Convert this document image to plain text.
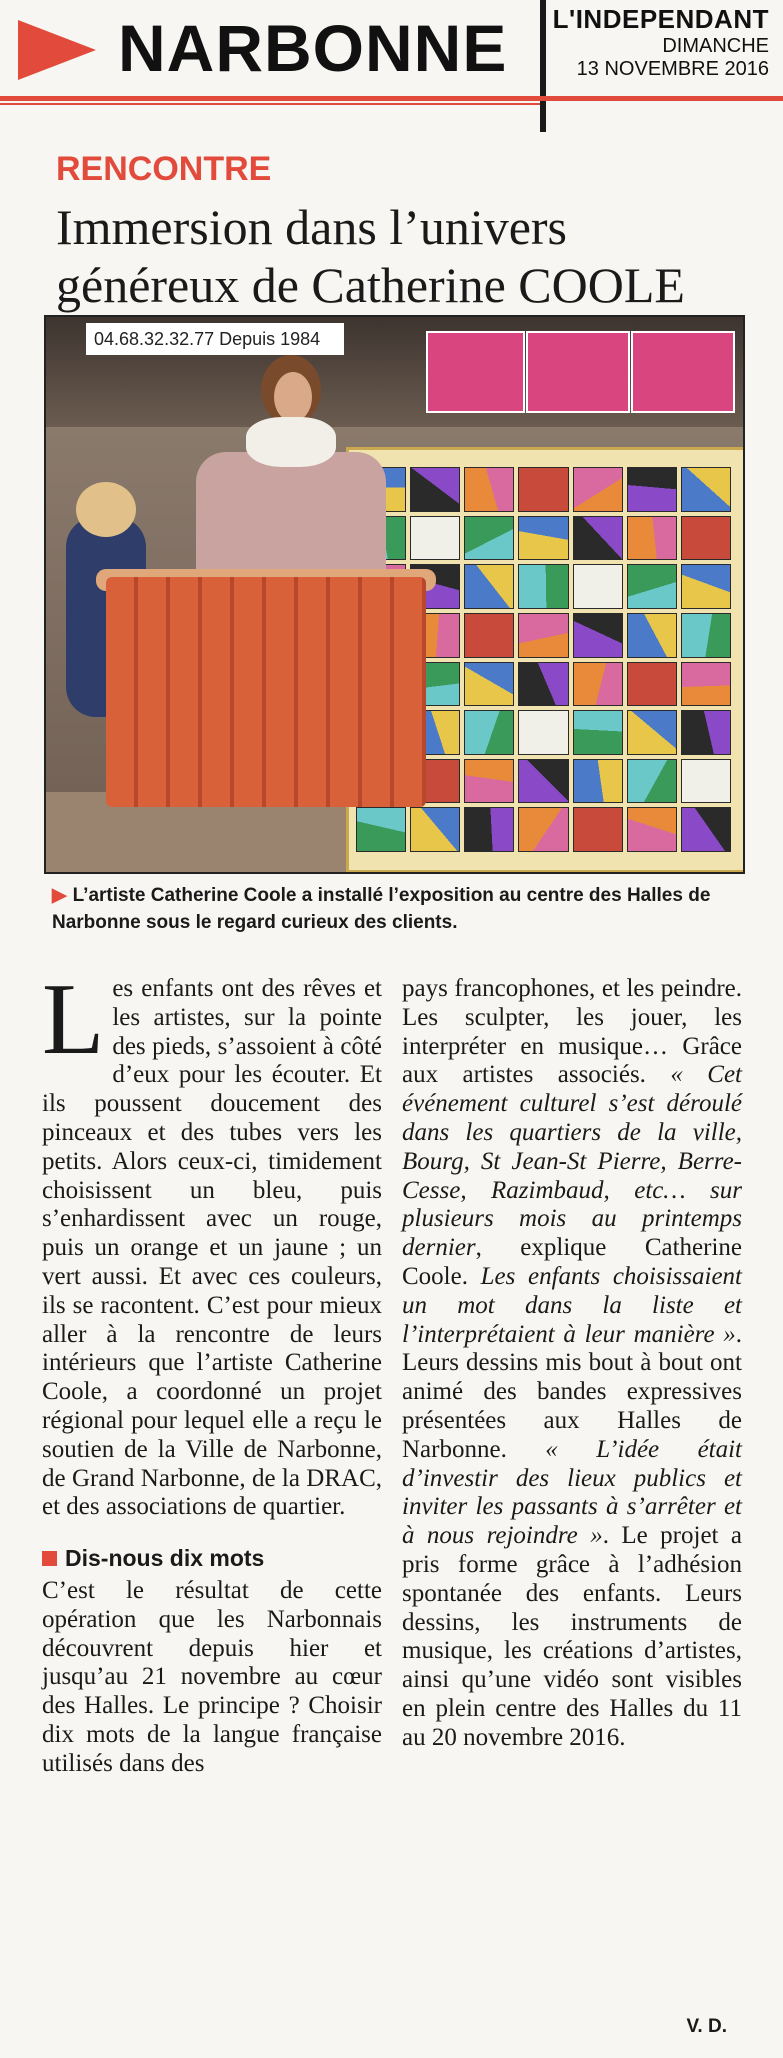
NARBONNE L'INDEPENDANT
DIMANCHE
13 NOVEMBRE 2016
RENCONTRE
Immersion dans l’univers
généreux de Catherine COOLE
04.68.32.32.77 Depuis 1984
▶ L’artiste Catherine Coole a installé l’exposition au centre des Halles de Narbonne sous le regard curieux des clients.

Les enfants ont des rêves et les artistes, sur la pointe des pieds, s’assoient à côté d’eux pour les écouter. Et ils poussent doucement des pinceaux et des tubes vers les petits. Alors ceux-ci, timidement choisissent un bleu, puis s’enhardissent avec un rouge, puis un orange et un jaune ; un vert aussi. Et avec ces couleurs, ils se racontent. C’est pour mieux aller à la rencontre de leurs intérieurs que l’artiste Catherine Coole, a coordonné un projet régional pour lequel elle a reçu le soutien de la Ville de Narbonne, de Grand Narbonne, de la DRAC, et des associations de quartier.

Dis-nous dix mots

C’est le résultat de cette opération que les Narbonnais découvrent depuis hier et jusqu’au 21 novembre au cœur des Halles. Le principe ? Choisir dix mots de la langue française utilisés dans des

pays francophones, et les peindre. Les sculpter, les jouer, les interpréter en musique… Grâce aux artistes associés. « Cet événement culturel s’est déroulé dans les quartiers de la ville, Bourg, St Jean-St Pierre, Berre-Cesse, Razimbaud, etc… sur plusieurs mois au printemps dernier, explique Catherine Coole. Les enfants choisissaient un mot dans la liste et l’interprétaient à leur manière ». Leurs dessins mis bout à bout ont animé des bandes expressives présentées aux Halles de Narbonne. « L’idée était d’investir des lieux publics et inviter les passants à s’arrêter et à nous rejoindre ». Le projet a pris forme grâce à l’adhésion spontanée des enfants. Leurs dessins, les instruments de musique, les créations d’artistes, ainsi qu’une vidéo sont visibles en plein centre des Halles du 11 au 20 novembre 2016.

V. D.
